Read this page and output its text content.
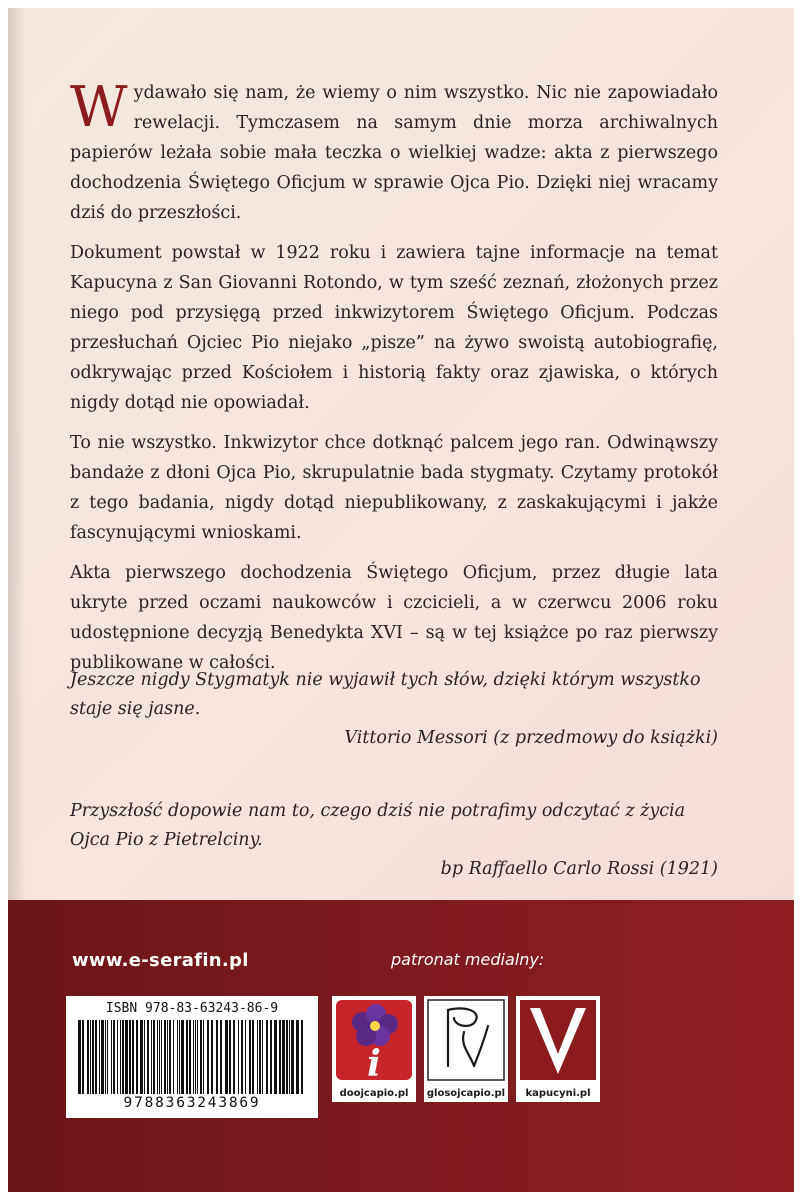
Wydawało się nam, że wiemy o nim wszystko. Nic nie zapowiadało rewelacji. Tymczasem na samym dnie morza archiwalnych papierów leżała sobie mała teczka o wielkiej wadze: akta z pierwszego dochodzenia Świętego Oficjum w sprawie Ojca Pio. Dzięki niej wracamy dziś do przeszłości.

Dokument powstał w 1922 roku i zawiera tajne informacje na temat Kapucyna z San Giovanni Rotondo, w tym sześć zeznań, złożonych przez niego pod przysięgą przed inkwizytorem Świętego Oficjum. Podczas przesłuchań Ojciec Pio niejako „pisze” na żywo swoistą autobiografię, odkrywając przed Kościołem i historią fakty oraz zjawiska, o których nigdy dotąd nie opowiadał.

To nie wszystko. Inkwizytor chce dotknąć palcem jego ran. Odwinąwszy bandaże z dłoni Ojca Pio, skrupulatnie bada stygmaty. Czytamy protokół z tego badania, nigdy dotąd niepublikowany, z zaskakującymi i jakże fascynującymi wnioskami.

Akta pierwszego dochodzenia Świętego Oficjum, przez długie lata ukryte przed oczami naukowców i czcicieli, a w czerwcu 2006 roku udostępnione decyzją Benedykta XVI – są w tej książce po raz pierwszy publikowane w całości.

Jeszcze nigdy Stygmatyk nie wyjawił tych słów, dzięki którym wszystko staje się jasne.
Vittorio Messori (z przedmowy do książki)
Przyszłość dopowie nam to, czego dziś nie potrafimy odczytać z życia Ojca Pio z Pietrelciny.
bp Raffaello Carlo Rossi (1921)
www.e-serafin.pl	patronat medialny:
ISBN 978-83-63243-86-9
9788363243869
i
doojcapio.pl	glosojcapio.pl	kapucyni.pl
